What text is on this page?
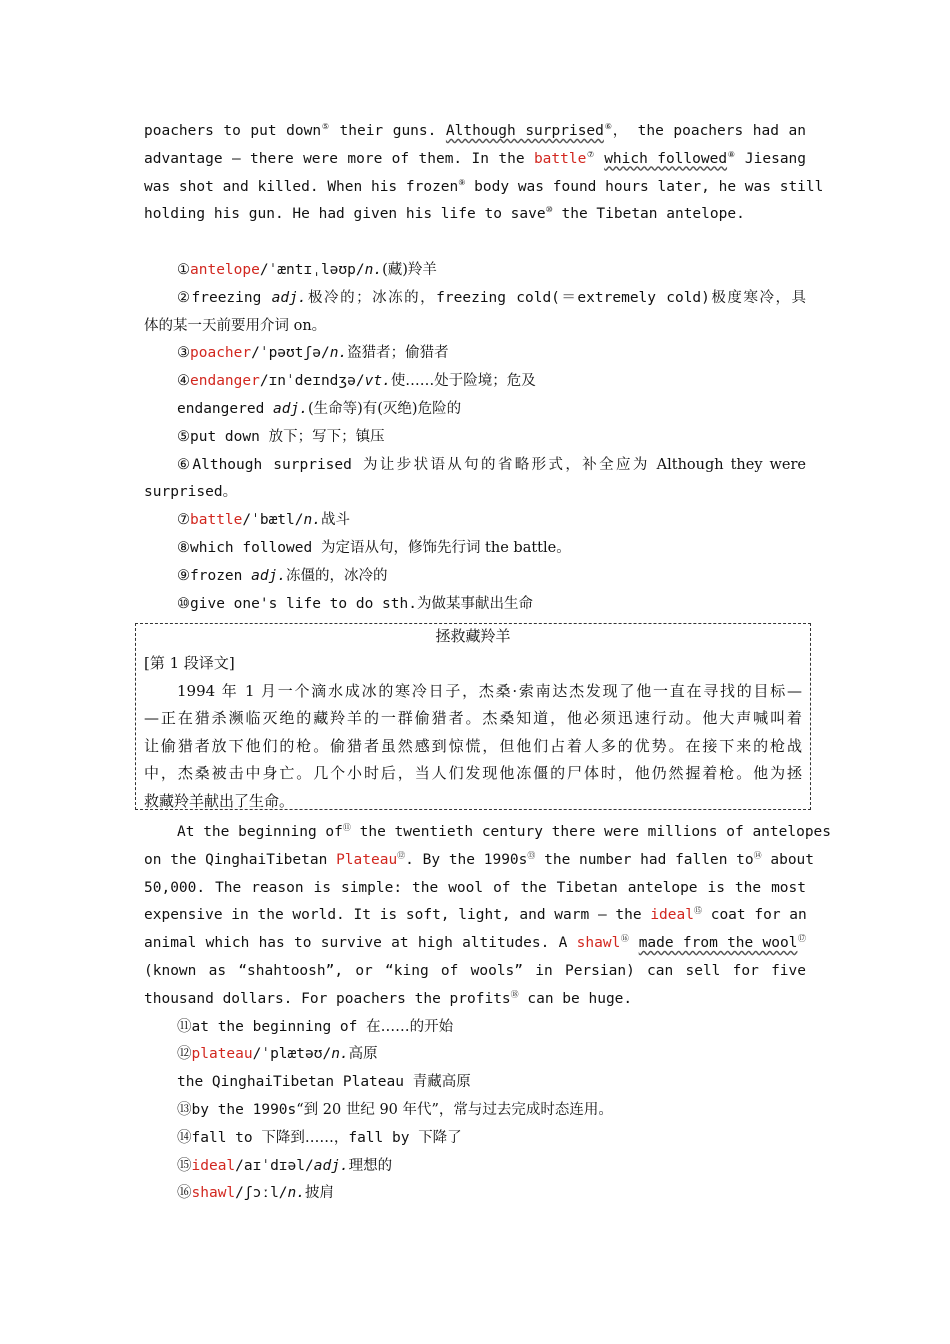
poachers to put down⑤ their guns. Although surprised⑥， the poachers had an
advantage — there were more of them. In the battle⑦ which followed⑧ Jiesang
was shot and killed. When his frozen⑨ body was found hours later, he was still
holding his gun. He had given his life to save⑩ the Tibetan antelope.
①antelope/ˈæntɪˌləʊp/n.(藏)羚羊
②freezing adj.极冷的；冰冻的，freezing cold(＝extremely cold)极度寒冷，具
体的某一天前要用介词 on。
③poacher/ˈpəʊtʃə/n.盗猎者；偷猎者
④endanger/ɪnˈdeɪndʒə/vt.使……处于险境；危及
endangered adj.(生命等)有(灭绝)危险的
⑤put down 放下；写下；镇压
⑥Although surprised 为让步状语从句的省略形式，补全应为 Although they were
surprised。
⑦battle/ˈbætl/n.战斗
⑧which followed 为定语从句，修饰先行词 the battle。
⑨frozen adj.冻僵的，冰冷的
⑩give one's life to do sth.为做某事献出生命
拯救藏羚羊
[第 1 段译文]
1994 年 1 月一个滴水成冰的寒冷日子，杰桑·索南达杰发现了他一直在寻找的目标—
—正在猎杀濒临灭绝的藏羚羊的一群偷猎者。杰桑知道，他必须迅速行动。他大声喊叫着
让偷猎者放下他们的枪。偷猎者虽然感到惊慌，但他们占着人多的优势。在接下来的枪战
中，杰桑被击中身亡。几个小时后，当人们发现他冻僵的尸体时，他仍然握着枪。他为拯
救藏羚羊献出了生命。
At the beginning of⑪ the twentieth century there were millions of antelopes
on the QinghaiTibetan Plateau⑫. By the 1990s⑬ the number had fallen to⑭ about
50,000. The reason is simple: the wool of the Tibetan antelope is the most
expensive in the world. It is soft, light, and warm — the ideal⑮ coat for an
animal which has to survive at high altitudes. A shawl⑯ made from the wool⑰
(known as “shahtoosh”, or “king of wools” in Persian) can sell for five
thousand dollars. For poachers the profits⑱ can be huge.
⑪at the beginning of 在……的开始
⑫plateau/ˈplætəʊ/n.高原
the QinghaiTibetan Plateau 青藏高原
⑬by the 1990s“到 20 世纪 90 年代”，常与过去完成时态连用。
⑭fall to 下降到……，fall by 下降了
⑮ideal/aɪˈdɪəl/adj.理想的
⑯shawl/ʃɔːl/n.披肩
